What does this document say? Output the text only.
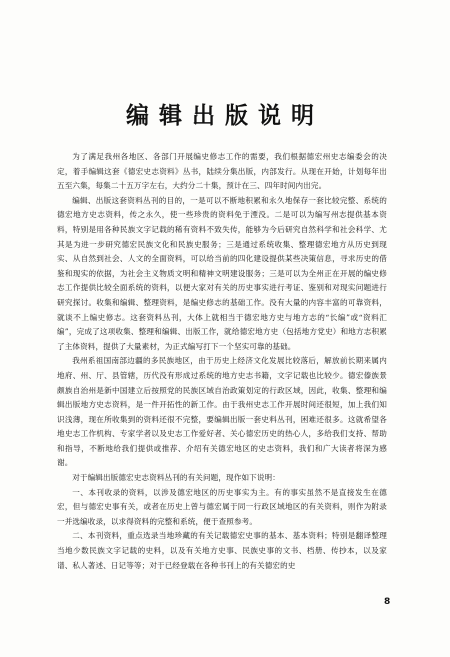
编辑出版说明

为了满足我州各地区、各部门开展编史修志工作的需要，我们根据德宏州史志编委会的决定，着手编辑这套《德宏史志资料》丛书，陆续分集出版，内部发行。从现在开始，计划每年出五至六集，每集二十五万字左右，大约分二十集，预计在三、四年时间内出完。

编辑、出版这套资料丛刊的目的，一是可以不断地积累和永久地保存一套比较完整、系统的德宏地方史志资料，传之永久，使一些珍贵的资料免于湮没。二是可以为编写州志提供基本资料，特别是用各种民族文字记载的稀有资料不致失传，能够为今后研究自然科学和社会科学、尤其是为进一步研究德宏民族文化和民族史服务；三是通过系统收集、整理德宏地方从历史到现实、从自然到社会、人文的全面资料，可以给当前的四化建设提供某些决策信息，寻求历史的借鉴和现实的依据，为社会主义物质文明和精神文明建设服务；三是可以为全州正在开展的编史修志工作提供比较全面系统的资料，以便大家对有关的历史事实进行考证、鉴别和对现实问题进行研究探讨。收集和编辑、整理资料，是编史修志的基础工作。没有大量的内容丰富的可靠资料，就谈不上编史修志。这套资料丛刊，大体上就相当于德宏地方史与地方志的“长编”或“资料汇编”，完成了这项收集、整理和编辑、出版工作，就给德宏地方史（包括地方党史）和地方志积累了主体资料，提供了大量素材，为正式编写打下一个坚实可靠的基础。

我州系祖国南部边疆的多民族地区，由于历史上经济文化发展比较落后，解放前长期来属内地府、州、厅、县管辖，历代没有形成过系统的地方史志书籍，文字记载也比较少。德宏傣族景颇族自治州是新中国建立后按照党的民族区域自治政策划定的行政区域，因此，收集、整理和编辑出版地方史志资料，是一件开拓性的新工作。由于我州史志工作开展时间还很短，加上我们知识浅薄，现在所收集到的资料还很不完整，要编辑出版一套史料丛刊，困难还很多。这就希望各地史志工作机构、专家学者以及史志工作爱好者、关心德宏历史的热心人，多给我们支持、帮助和指导，不断地给我们提供或推荐、介绍有关德宏地区的史志资料，我们和广大读者将深为感谢。

对于编辑出版德宏史志资料丛刊的有关问题，现作如下说明：

一、本刊收录的资料，以涉及德宏地区的历史事实为主。有的事实虽然不是直接发生在德宏，但与德宏史事有关，或者在历史上曾与德宏属于同一行政区域地区的有关资料，则作为附录一并选编收录，以求得资料的完整和系统，便于查照参考。

二、本刊资料，重点选录当地珍藏的有关记载德宏史事的基本、基本资料；特别是翻译整理当地少数民族文字记载的史料，以及有关地方史事、民族史事的文书、档册、传抄本，以及家谱、私人著述、日记等等；对于已经登载在各种书刊上的有关德宏的史

8
